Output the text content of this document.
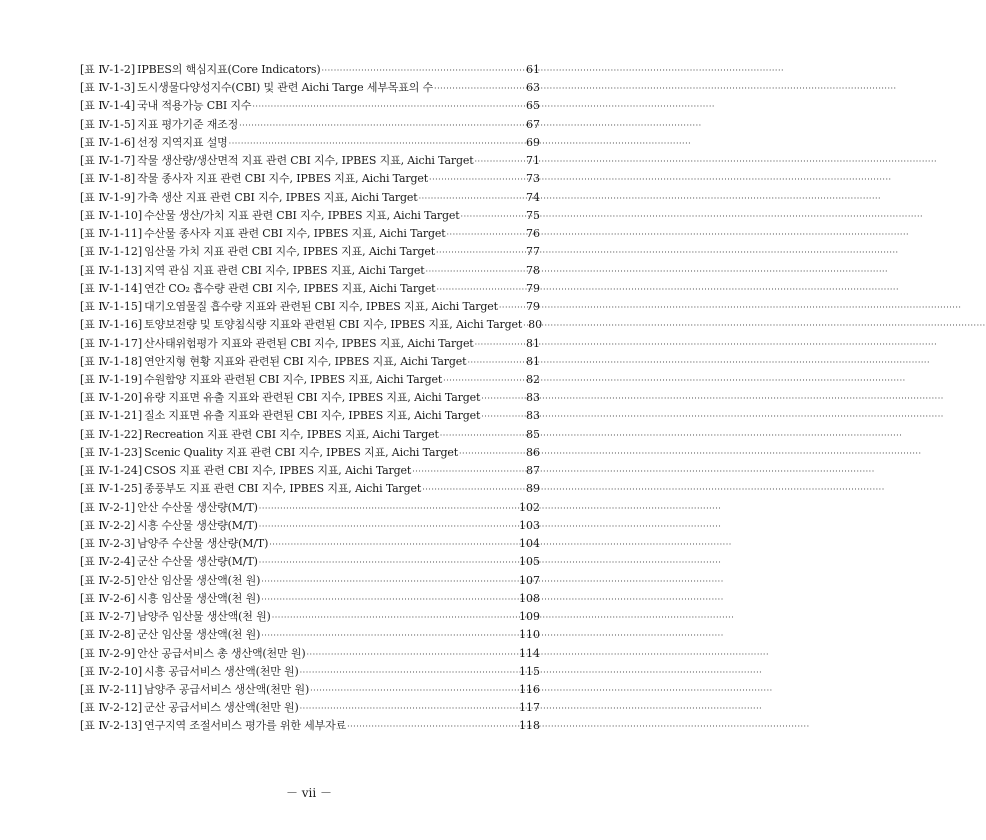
[표 Ⅳ-1-2] IPBES의 핵심지표(Core Indicators) ·····	61
[표 Ⅳ-1-3] 도시생물다양성지수(CBI) 및 관련 Aichi Targe 세부목표의 수 ·····	63
[표 Ⅳ-1-4] 국내 적용가능 CBI 지수 ·····	65
[표 Ⅳ-1-5] 지표 평가기준 재조정 ·····	67
[표 Ⅳ-1-6] 선정 지역지표 설명 ·····	69
[표 Ⅳ-1-7] 작물 생산량/생산면적 지표 관련 CBI 지수, IPBES 지표, Aichi Target ·····	71
[표 Ⅳ-1-8] 작물 종사자 지표 관련 CBI 지수, IPBES 지표, Aichi Target ·····	73
[표 Ⅳ-1-9] 가축 생산 지표 관련 CBI 지수, IPBES 지표, Aichi Target ·····	74
[표 Ⅳ-1-10] 수산물 생산/가치 지표 관련 CBI 지수, IPBES 지표, Aichi Target ·····	75
[표 Ⅳ-1-11] 수산물 종사자 지표 관련 CBI 지수, IPBES 지표, Aichi Target ·····	76
[표 Ⅳ-1-12] 임산물 가치 지표 관련 CBI 지수, IPBES 지표, Aichi Target ·····	77
[표 Ⅳ-1-13] 지역 관심 지표 관련 CBI 지수, IPBES 지표, Aichi Target ·····	78
[표 Ⅳ-1-14] 연간 CO₂ 흡수량 관련 CBI 지수, IPBES 지표, Aichi Target ·····	79
[표 Ⅳ-1-15] 대기오염물질 흡수량 지표와 관련된 CBI 지수, IPBES 지표, Aichi Target ·····	79
[표 Ⅳ-1-16] 토양보전량 및 토양침식량 지표와 관련된 CBI 지수, IPBES 지표, Aichi Target ····· 80
[표 Ⅳ-1-17] 산사태위험평가 지표와 관련된 CBI 지수, IPBES 지표, Aichi Target ·····	81
[표 Ⅳ-1-18] 연안지형 현황 지표와 관련된 CBI 지수, IPBES 지표, Aichi Target ·····	81
[표 Ⅳ-1-19] 수원함양 지표와 관련된 CBI 지수, IPBES 지표, Aichi Target ·····	82
[표 Ⅳ-1-20] 유량 지표면 유출 지표와 관련된 CBI 지수, IPBES 지표, Aichi Target ·····	83
[표 Ⅳ-1-21] 질소 지표면 유출 지표와 관련된 CBI 지수, IPBES 지표, Aichi Target ·····	83
[표 Ⅳ-1-22] Recreation 지표 관련 CBI 지수, IPBES 지표, Aichi Target ·····	85
[표 Ⅳ-1-23] Scenic Quality 지표 관련 CBI 지수, IPBES 지표, Aichi Target ·····	86
[표 Ⅳ-1-24] CSOS 지표 관련 CBI 지수, IPBES 지표, Aichi Target ·····	87
[표 Ⅳ-1-25] 종풍부도 지표 관련 CBI 지수, IPBES 지표, Aichi Target ·····	89
[표 Ⅳ-2-1] 안산 수산물 생산량(M/T) ·····	102
[표 Ⅳ-2-2] 시흥 수산물 생산량(M/T) ·····	103
[표 Ⅳ-2-3] 남양주 수산물 생산량(M/T) ·····	104
[표 Ⅳ-2-4] 군산 수산물 생산량(M/T) ·····	105
[표 Ⅳ-2-5] 안산 임산물 생산액(천 원) ·····	107
[표 Ⅳ-2-6] 시흥 임산물 생산액(천 원) ·····	108
[표 Ⅳ-2-7] 남양주 임산물 생산액(천 원) ·····	109
[표 Ⅳ-2-8] 군산 임산물 생산액(천 원) ·····	110
[표 Ⅳ-2-9] 안산 공급서비스 총 생산액(천만 원) ·····	114
[표 Ⅳ-2-10] 시흥 공급서비스 생산액(천만 원) ·····	115
[표 Ⅳ-2-11] 남양주 공급서비스 생산액(천만 원) ·····	116
[표 Ⅳ-2-12] 군산 공급서비스 생산액(천만 원) ·····	117
[표 Ⅳ-2-13] 연구지역 조절서비스 평가를 위한 세부자료 ·····	118
－ vii －
